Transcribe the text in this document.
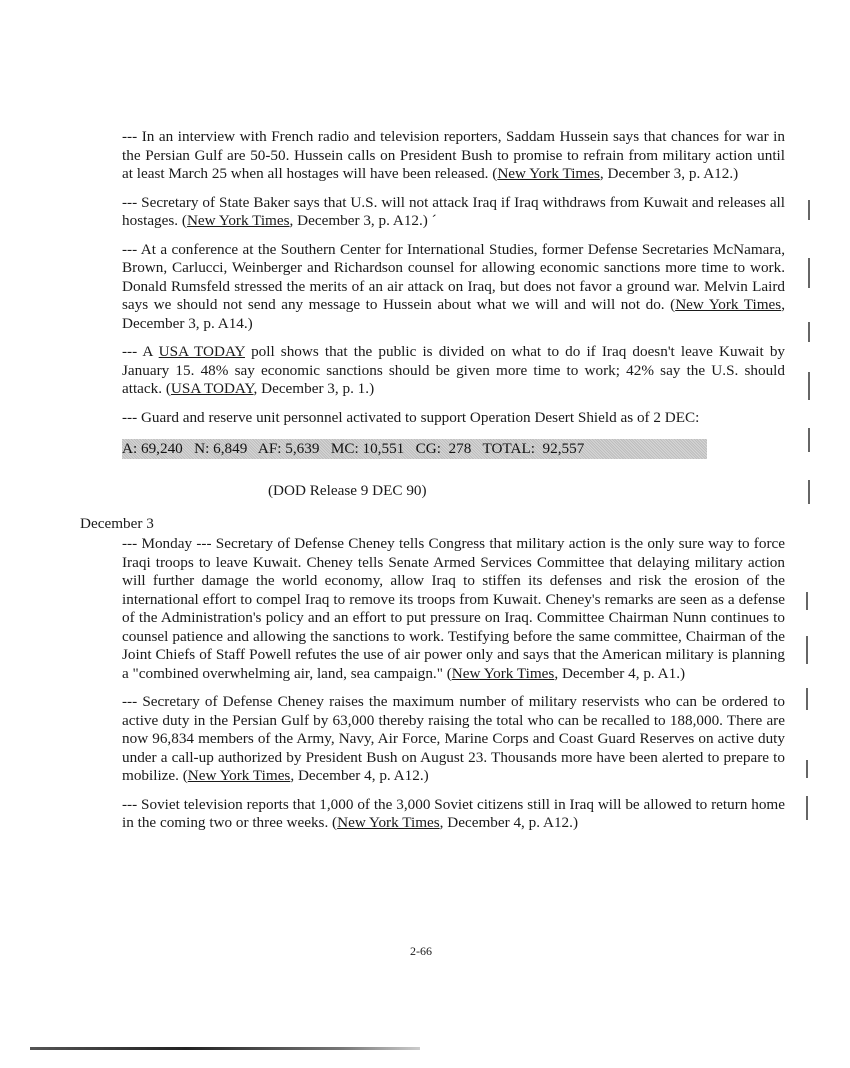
--- In an interview with French radio and television reporters, Saddam Hussein says that chances for war in the Persian Gulf are 50-50. Hussein calls on President Bush to promise to refrain from military action until at least March 25 when all hostages will have been released. (New York Times, December 3, p. A12.)
--- Secretary of State Baker says that U.S. will not attack Iraq if Iraq withdraws from Kuwait and releases all hostages. (New York Times, December 3, p. A12.) ´
--- At a conference at the Southern Center for International Studies, former Defense Secretaries McNamara, Brown, Carlucci, Weinberger and Richardson counsel for allowing economic sanctions more time to work. Donald Rumsfeld stressed the merits of an air attack on Iraq, but does not favor a ground war. Melvin Laird says we should not send any message to Hussein about what we will and will not do. (New York Times, December 3, p. A14.)
--- A USA TODAY poll shows that the public is divided on what to do if Iraq doesn't leave Kuwait by January 15. 48% say economic sanctions should be given more time to work; 42% say the U.S. should attack. (USA TODAY, December 3, p. 1.)
--- Guard and reserve unit personnel activated to support Operation Desert Shield as of 2 DEC:
A: 69,240   N: 6,849   AF: 5,639   MC: 10,551   CG:  278   TOTAL:  92,557
(DOD Release 9 DEC 90)
December 3
--- Monday --- Secretary of Defense Cheney tells Congress that military action is the only sure way to force Iraqi troops to leave Kuwait. Cheney tells Senate Armed Services Committee that delaying military action will further damage the world economy, allow Iraq to stiffen its defenses and risk the erosion of the international effort to compel Iraq to remove its troops from Kuwait. Cheney's remarks are seen as a defense of the Administration's policy and an effort to put pressure on Iraq. Committee Chairman Nunn continues to counsel patience and allowing the sanctions to work. Testifying before the same committee, Chairman of the Joint Chiefs of Staff Powell refutes the use of air power only and says that the American military is planning a "combined overwhelming air, land, sea campaign." (New York Times, December 4, p. A1.)
--- Secretary of Defense Cheney raises the maximum number of military reservists who can be ordered to active duty in the Persian Gulf by 63,000 thereby raising the total who can be recalled to 188,000. There are now 96,834 members of the Army, Navy, Air Force, Marine Corps and Coast Guard Reserves on active duty under a call-up authorized by President Bush on August 23. Thousands more have been alerted to prepare to mobilize. (New York Times, December 4, p. A12.)
--- Soviet television reports that 1,000 of the 3,000 Soviet citizens still in Iraq will be allowed to return home in the coming two or three weeks. (New York Times, December 4, p. A12.)
2-66
